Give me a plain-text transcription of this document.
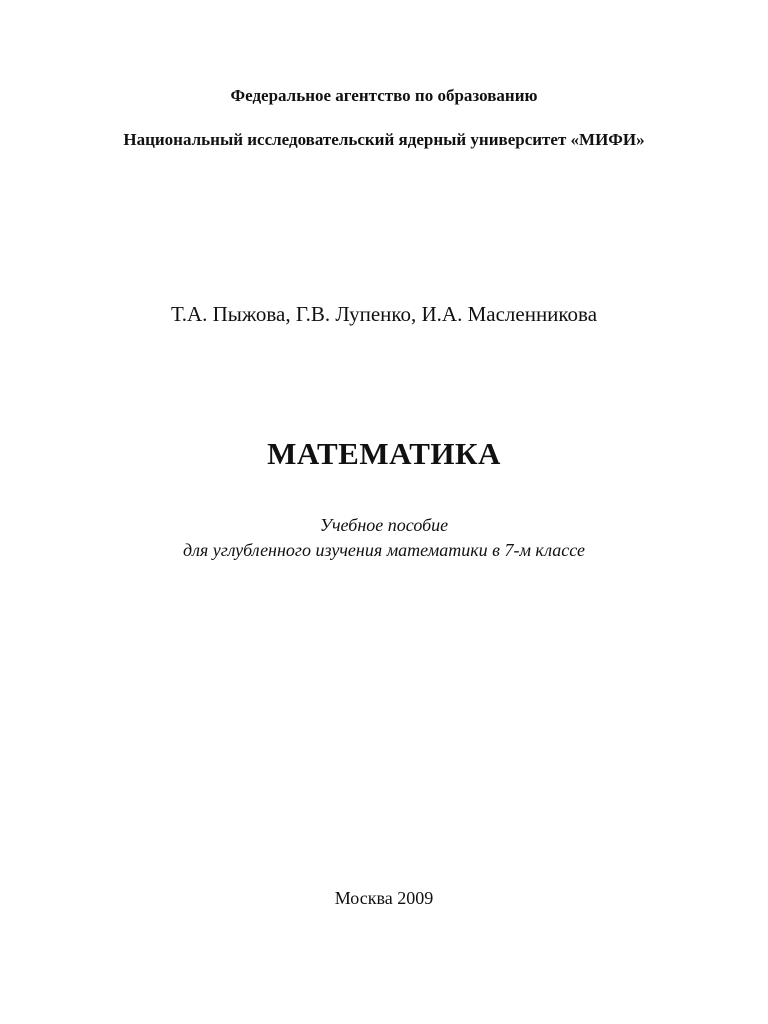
Федеральное агентство по образованию
Национальный исследовательский ядерный университет «МИФИ»
Т.А. Пыжова, Г.В. Лупенко, И.А. Масленникова
МАТЕМАТИКА
Учебное пособие
для углубленного изучения математики в 7-м классе
Москва 2009
